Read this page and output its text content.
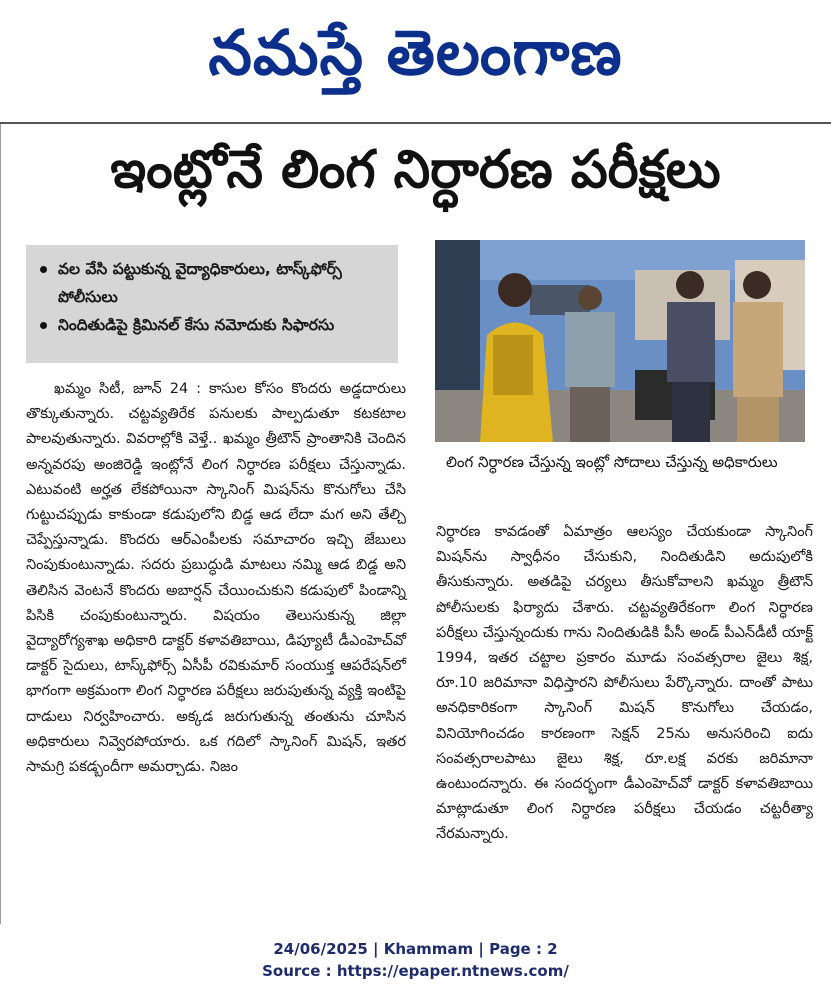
నమస్తే తెలంగాణ
ఇంట్లోనే లింగ నిర్ధారణ పరీక్షలు
వల వేసి పట్టుకున్న వైద్యాధికారులు, టాస్క్‌ఫోర్స్ పోలీసులు
నిందితుడిపై క్రిమినల్ కేసు నమోదుకు సిఫారసు
లింగ నిర్ధారణ చేస్తున్న ఇంట్లో సోదాలు చేస్తున్న అధికారులు

ఖమ్మం సిటీ, జూన్ 24 : కాసుల కోసం కొందరు అడ్డదారులు తొక్కుతున్నారు. చట్టవ్యతిరేక పనులకు పాల్పడుతూ కటకటాల పాలవుతున్నారు. వివరాల్లోకి వెళ్తే.. ఖమ్మం త్రీటౌన్ ప్రాంతానికి చెందిన అన్నవరపు అంజిరెడ్డి ఇంట్లోనే లింగ నిర్ధారణ పరీక్షలు చేస్తున్నాడు. ఎటువంటి అర్హత లేకపోయినా స్కానింగ్ మిషన్‌ను కొనుగోలు చేసి గుట్టుచప్పుడు కాకుండా కడుపులోని బిడ్డ ఆడ లేదా మగ అని తేల్చి చెప్పేస్తున్నాడు. కొందరు ఆర్‌ఎంపీలకు సమాచారం ఇచ్చి జేబులు నింపుకుంటున్నాడు. సదరు ప్రబుద్ధుడి మాటలు నమ్మి ఆడ బిడ్డ అని తెలిసిన వెంటనే కొందరు అబార్షన్ చేయించుకుని కడుపులో పిండాన్ని పిసికి చంపుకుంటున్నారు. విషయం తెలుసుకున్న జిల్లా వైద్యారోగ్యశాఖ అధికారి డాక్టర్ కళావతిబాయి, డిప్యూటీ డీఎంహెచ్‌వో డాక్టర్ సైదులు, టాస్క్‌ఫోర్స్ ఏసీపీ రవికుమార్ సంయుక్త ఆపరేషన్‌లో భాగంగా అక్రమంగా లింగ నిర్ధారణ పరీక్షలు జరుపుతున్న వ్యక్తి ఇంటిపై దాడులు నిర్వహించారు. అక్కడ జరుగుతున్న తంతును చూసిన అధికారులు నివ్వెరపోయారు. ఒక గదిలో స్కానింగ్ మిషన్, ఇతర సామగ్రి పకడ్బందీగా అమర్చాడు. నిజం

నిర్ధారణ కావడంతో ఏమాత్రం ఆలస్యం చేయకుండా స్కానింగ్ మిషన్‌ను స్వాధీనం చేసుకుని, నిందితుడిని అదుపులోకి తీసుకున్నారు. అతడిపై చర్యలు తీసుకోవాలని ఖమ్మం త్రీటౌన్ పోలీసులకు ఫిర్యాదు చేశారు. చట్టవ్యతిరేకంగా లింగ నిర్ధారణ పరీక్షలు చేస్తున్నందుకు గాను నిందితుడికి పీసీ అండ్ పీఎన్‌డీటీ యాక్ట్ 1994, ఇతర చట్టాల ప్రకారం మూడు సంవత్సరాల జైలు శిక్ష, రూ.10 జరిమానా విధిస్తారని పోలీసులు పేర్కొన్నారు. దాంతో పాటు అనధికారికంగా స్కానింగ్ మిషన్ కొనుగోలు చేయడం, వినియోగించడం కారణంగా సెక్షన్ 25ను అనుసరించి ఐదు సంవత్సరాలపాటు జైలు శిక్ష, రూ.లక్ష వరకు జరిమానా ఉంటుందన్నారు. ఈ సందర్భంగా డీఎంహెచ్‌వో డాక్టర్ కళావతిబాయి మాట్లాడుతూ లింగ నిర్ధారణ పరీక్షలు చేయడం చట్టరీత్యా నేరమన్నారు.

24/06/2025 | Khammam | Page : 2
Source : https://epaper.ntnews.com/
